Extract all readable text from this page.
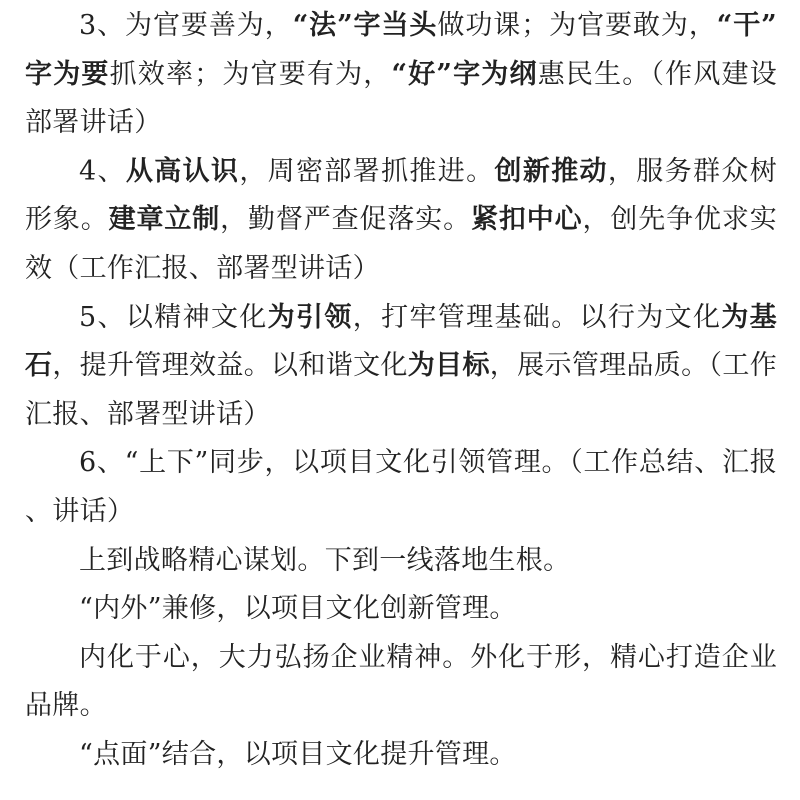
3、为官要善为，“法”字当头做功课；为官要敢为，“干”字为要抓效率；为官要有为，“好”字为纲惠民生。（作风建设部署讲话）

4、从高认识，周密部署抓推进。创新推动，服务群众树形象。建章立制，勤督严查促落实。紧扣中心，创先争优求实效（工作汇报、部署型讲话）

5、以精神文化为引领，打牢管理基础。以行为文化为基石，提升管理效益。以和谐文化为目标，展示管理品质。（工作汇报、部署型讲话）

6、“上下”同步，以项目文化引领管理。（工作总结、汇报、讲话）

上到战略精心谋划。下到一线落地生根。

“内外”兼修，以项目文化创新管理。

内化于心，大力弘扬企业精神。外化于形，精心打造企业品牌。

“点面”结合，以项目文化提升管理。
